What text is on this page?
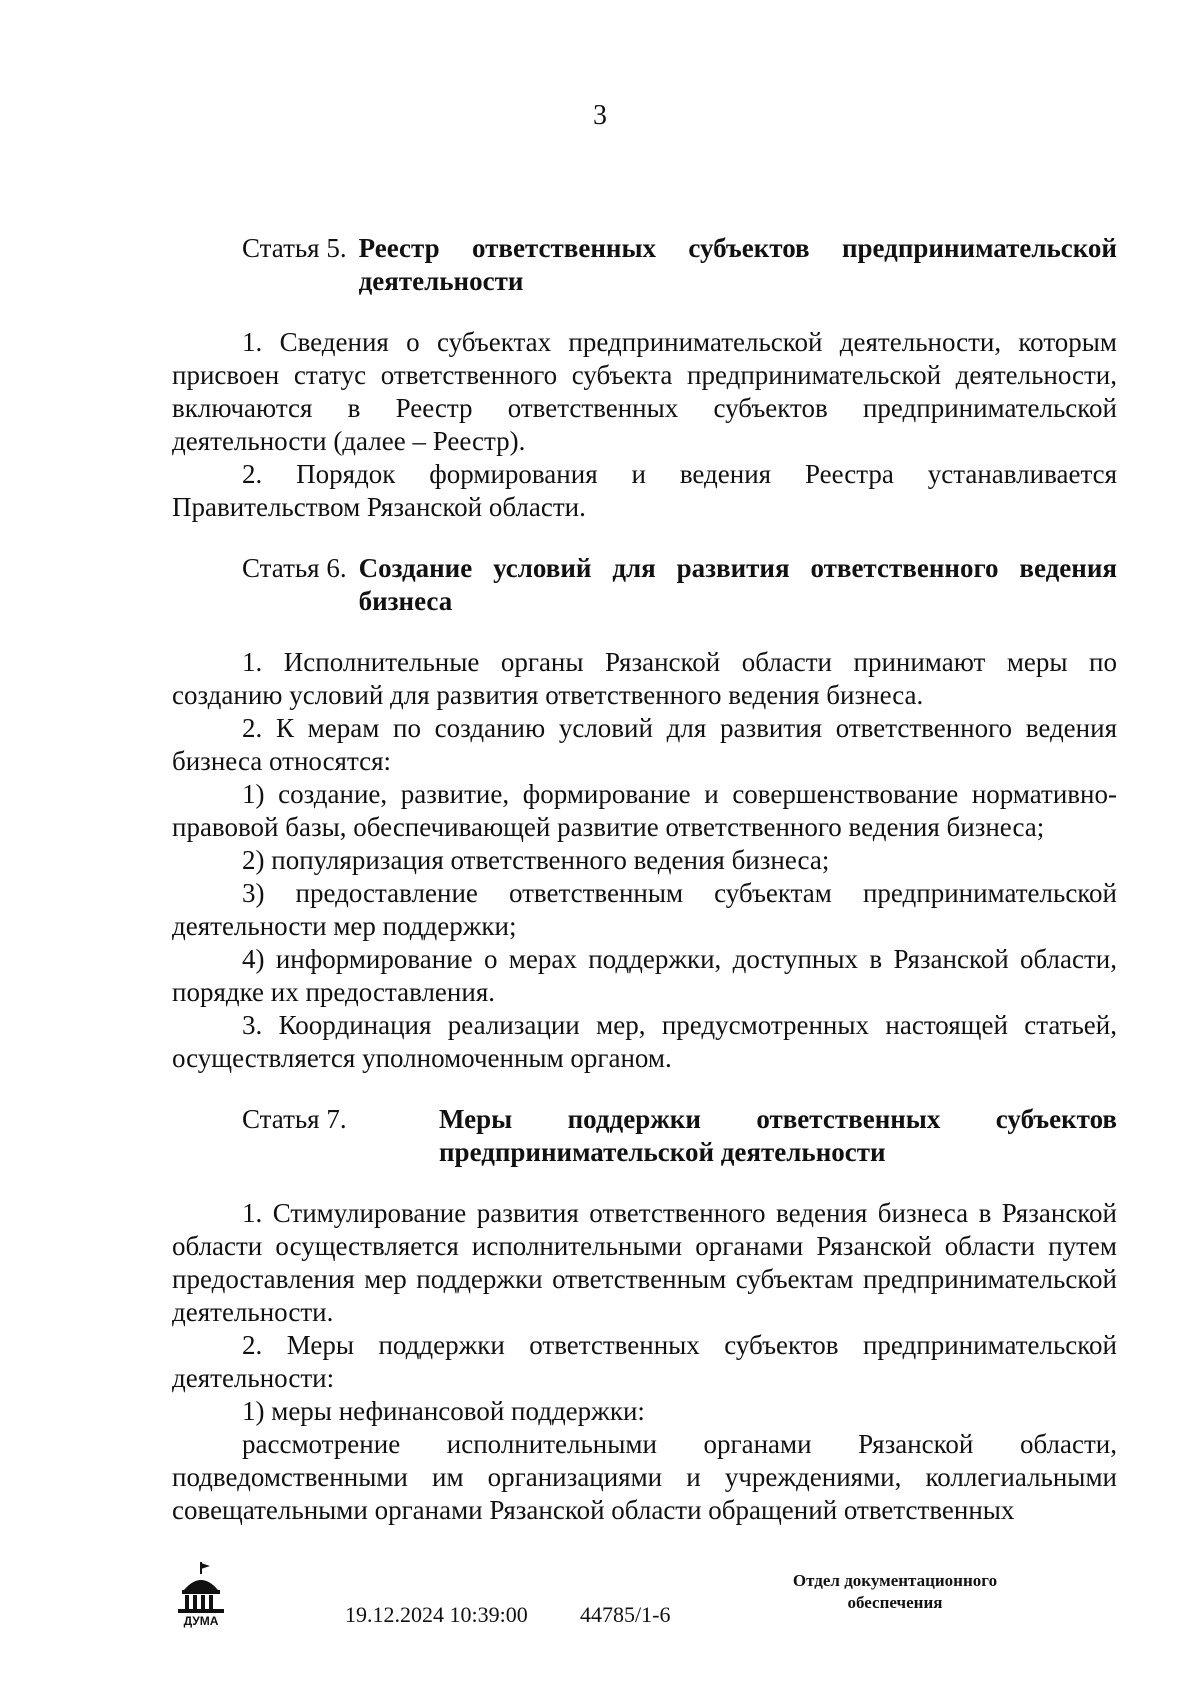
3
Статья 5. Реестр ответственных субъектов предпринимательской деятельности

1. Сведения о субъектах предпринимательской деятельности, которым присвоен статус ответственного субъекта предпринимательской деятельности, включаются в Реестр ответственных субъектов предпринимательской деятельности (далее – Реестр).

2. Порядок формирования и ведения Реестра устанавливается Правительством Рязанской области.

Статья 6. Создание условий для развития ответственного ведения бизнеса

1. Исполнительные органы Рязанской области принимают меры по созданию условий для развития ответственного ведения бизнеса.

2. К мерам по созданию условий для развития ответственного ведения бизнеса относятся:

1) создание, развитие, формирование и совершенствование нормативно-правовой базы, обеспечивающей развитие ответственного ведения бизнеса;

2) популяризация ответственного ведения бизнеса;

3) предоставление ответственным субъектам предпринимательской деятельности мер поддержки;

4) информирование о мерах поддержки, доступных в Рязанской области, порядке их предоставления.

3. Координация реализации мер, предусмотренных настоящей статьей, осуществляется уполномоченным органом.

Статья 7.	Меры поддержки ответственных субъектов предпринимательской деятельности

1. Стимулирование развития ответственного ведения бизнеса в Рязанской области осуществляется исполнительными органами Рязанской области путем предоставления мер поддержки ответственным субъектам предпринимательской деятельности.

2. Меры поддержки ответственных субъектов предпринимательской деятельности:

1) меры нефинансовой поддержки:

рассмотрение исполнительными органами Рязанской области, подведомственными им организациями и учреждениями, коллегиальными совещательными органами Рязанской области обращений ответственных

ДУМА	19.12.2024 10:39:00 44785/1-6
Отдел документационного
обеспечения
